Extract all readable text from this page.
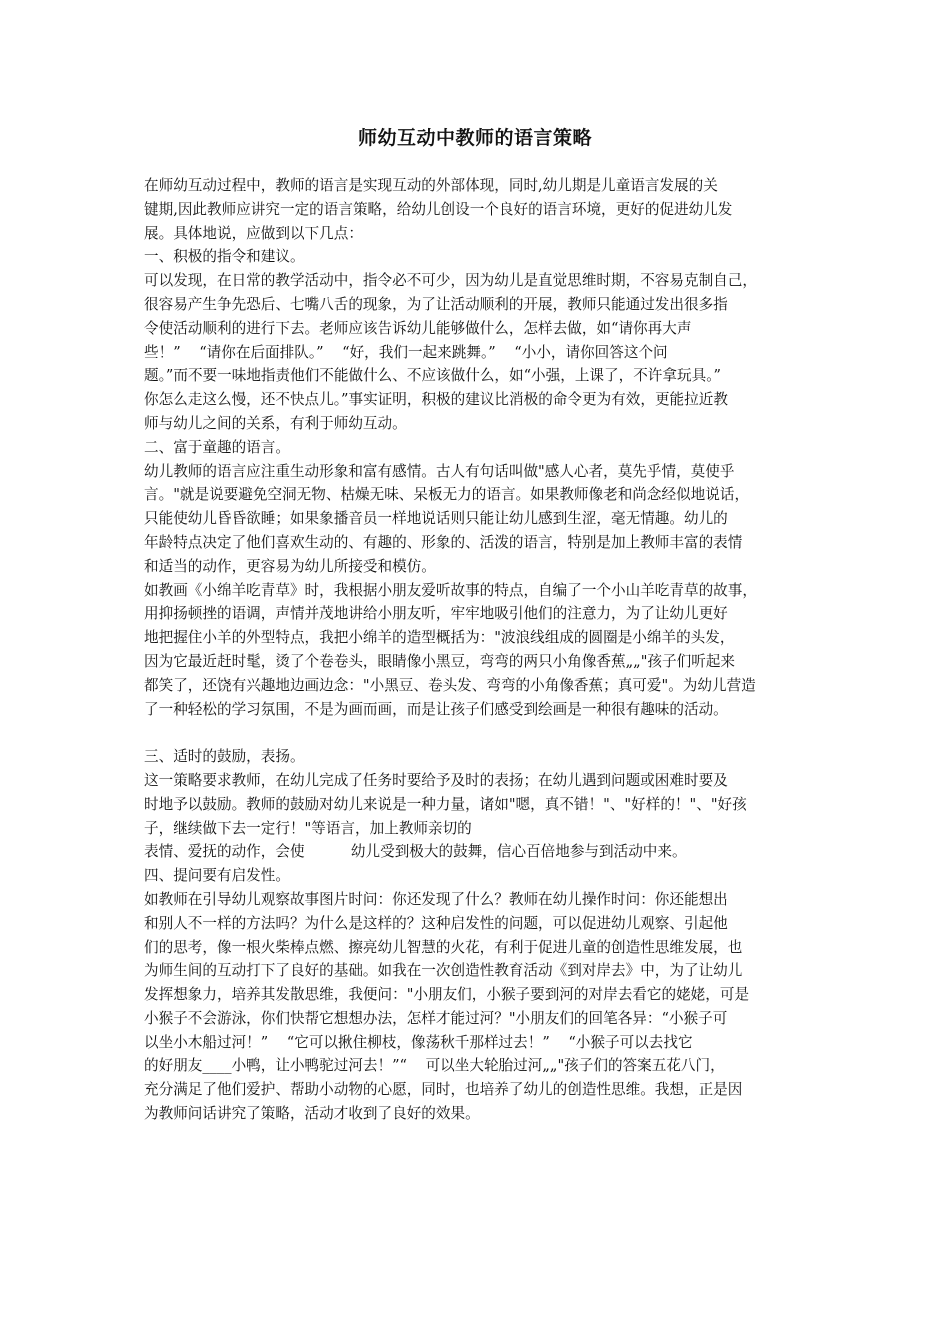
师幼互动中教师的语言策略
在师幼互动过程中，教师的语言是实现互动的外部体现，同时,幼儿期是儿童语言发展的关
键期,因此教师应讲究一定的语言策略，给幼儿创设一个良好的语言环境，更好的促进幼儿发
展。具体地说，应做到以下几点：
一、积极的指令和建议。
可以发现，在日常的教学活动中，指令必不可少，因为幼儿是直觉思维时期，不容易克制自己，
很容易产生争先恐后、七嘴八舌的现象，为了让活动顺利的开展，教师只能通过发出很多指
令使活动顺利的进行下去。老师应该告诉幼儿能够做什么，怎样去做，如“请你再大声
些！”    “请你在后面排队。”    “好，我们一起来跳舞。”    “小小，请你回答这个问
题。”而不要一味地指责他们不能做什么、不应该做什么，如“小强，上课了，不许拿玩具。”
你怎么走这么慢，还不快点儿。”事实证明，积极的建议比消极的命令更为有效，更能拉近教
师与幼儿之间的关系，有利于师幼互动。
二、富于童趣的语言。
幼儿教师的语言应注重生动形象和富有感情。古人有句话叫做"感人心者，莫先乎情，莫使乎
言。"就是说要避免空洞无物、枯燥无味、呆板无力的语言。如果教师像老和尚念经似地说话，
只能使幼儿昏昏欲睡；如果象播音员一样地说话则只能让幼儿感到生涩，毫无情趣。幼儿的
年龄特点决定了他们喜欢生动的、有趣的、形象的、活泼的语言，特别是加上教师丰富的表情
和适当的动作，更容易为幼儿所接受和模仿。
如教画《小绵羊吃青草》时，我根据小朋友爱听故事的特点，自编了一个小山羊吃青草的故事，
用抑扬顿挫的语调，声情并茂地讲给小朋友听，牢牢地吸引他们的注意力，为了让幼儿更好
地把握住小羊的外型特点，我把小绵羊的造型概括为："波浪线组成的圆圈是小绵羊的头发，
因为它最近赶时髦，烫了个卷卷头，眼睛像小黑豆，弯弯的两只小角像香蕉„„"孩子们听起来
都笑了，还饶有兴趣地边画边念："小黑豆、卷头发、弯弯的小角像香蕉；真可爱"。为幼儿营造
了一种轻松的学习氛围，不是为画而画，而是让孩子们感受到绘画是一种很有趣味的活动。
三、适时的鼓励，表扬。
这一策略要求教师，在幼儿完成了任务时要给予及时的表扬；在幼儿遇到问题或困难时要及
时地予以鼓励。教师的鼓励对幼儿来说是一种力量，诸如"嗯，真不错！"、"好样的！"、"好孩
子，继续做下去一定行！"等语言，加上教师亲切的
表情、爱抚的动作，会使          幼儿受到极大的鼓舞，信心百倍地参与到活动中来。
四、提问要有启发性。
如教师在引导幼儿观察故事图片时问：你还发现了什么？教师在幼儿操作时问：你还能想出
和别人不一样的方法吗？为什么是这样的？这种启发性的问题，可以促进幼儿观察、引起他
们的思考，像一根火柴棒点燃、擦亮幼儿智慧的火花，有利于促进儿童的创造性思维发展，也
为师生间的互动打下了良好的基础。如我在一次创造性教育活动《到对岸去》中，为了让幼儿
发挥想象力，培养其发散思维，我便问："小朋友们，小猴子要到河的对岸去看它的姥姥，可是
小猴子不会游泳，你们快帮它想想办法，怎样才能过河？"小朋友们的回笔各异：“小猴子可
以坐小木船过河！”    “它可以揪住柳枝，像荡秋千那样过去！”    “小猴子可以去找它
的好朋友____小鸭，让小鸭驼过河去！”“    可以坐大轮胎过河„„"孩子们的答案五花八门，
充分满足了他们爱护、帮助小动物的心愿，同时，也培养了幼儿的创造性思维。我想，正是因
为教师问话讲究了策略，活动才收到了良好的效果。
